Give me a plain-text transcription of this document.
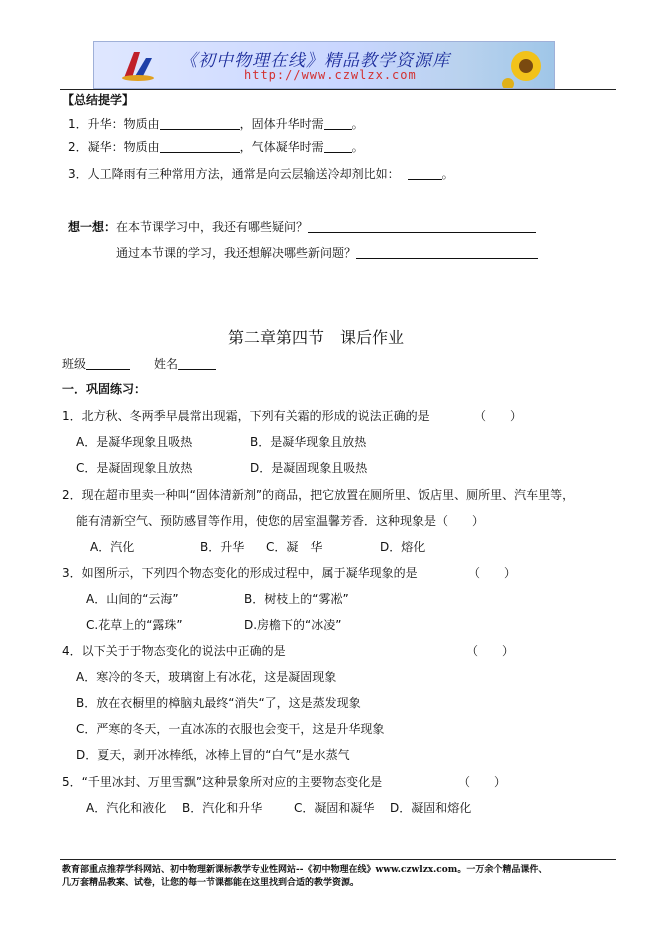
《初中物理在线》精品教学资源库
http://www.czwlzx.com
【总结提学】
1．升华：物质由	，固体升华时需 。
2．凝华：物质由	，气体凝华时需 。
3．人工降雨有三种常用方法，通常是向云层输送冷却剂比如：	。
想一想：在本节课学习中，我还有哪些疑问？
通过本节课的学习，我还想解决哪些新问题？
第二章第四节　课后作业
班级	姓名
一．巩固练习：
1．北方秋、冬两季早晨常出现霜，下列有关霜的形成的说法正确的是	（　　）
A．是凝华现象且吸热	B．是凝华现象且放热
C．是凝固现象且放热	D．是凝固现象且吸热
2．现在超市里卖一种叫“固体清新剂”的商品，把它放置在厕所里、饭店里、厕所里、汽车里等，
能有清新空气、预防感冒等作用，使您的居室温馨芳香．这种现象是（　　）
A．汽化	B．升华 C．凝　华	D．熔化
3．如图所示，下列四个物态变化的形成过程中，属于凝华现象的是	（　　）
A．山间的“云海”	B．树枝上的“雾凇”
C.花草上的“露珠”	D.房檐下的“冰凌”
4．以下关于于物态变化的说法中正确的是	（　　）
A．寒冷的冬天，玻璃窗上有冰花，这是凝固现象
B．放在衣橱里的樟脑丸最终“消失“了，这是蒸发现象
C．严寒的冬天，一直冰冻的衣服也会变干，这是升华现象
D．夏天，剥开冰棒纸，冰棒上冒的“白气”是水蒸气
5．“千里冰封、万里雪飘”这种景象所对应的主要物态变化是	（　　）
A．汽化和液化 B．汽化和升华	C．凝固和凝华 D．凝固和熔化
教育部重点推荐学科网站、初中物理新课标教学专业性网站--《初中物理在线》www.czwlzx.com。一万余个精品课件、
几万套精品教案、试卷，让您的每一节课都能在这里找到合适的教学资源。
